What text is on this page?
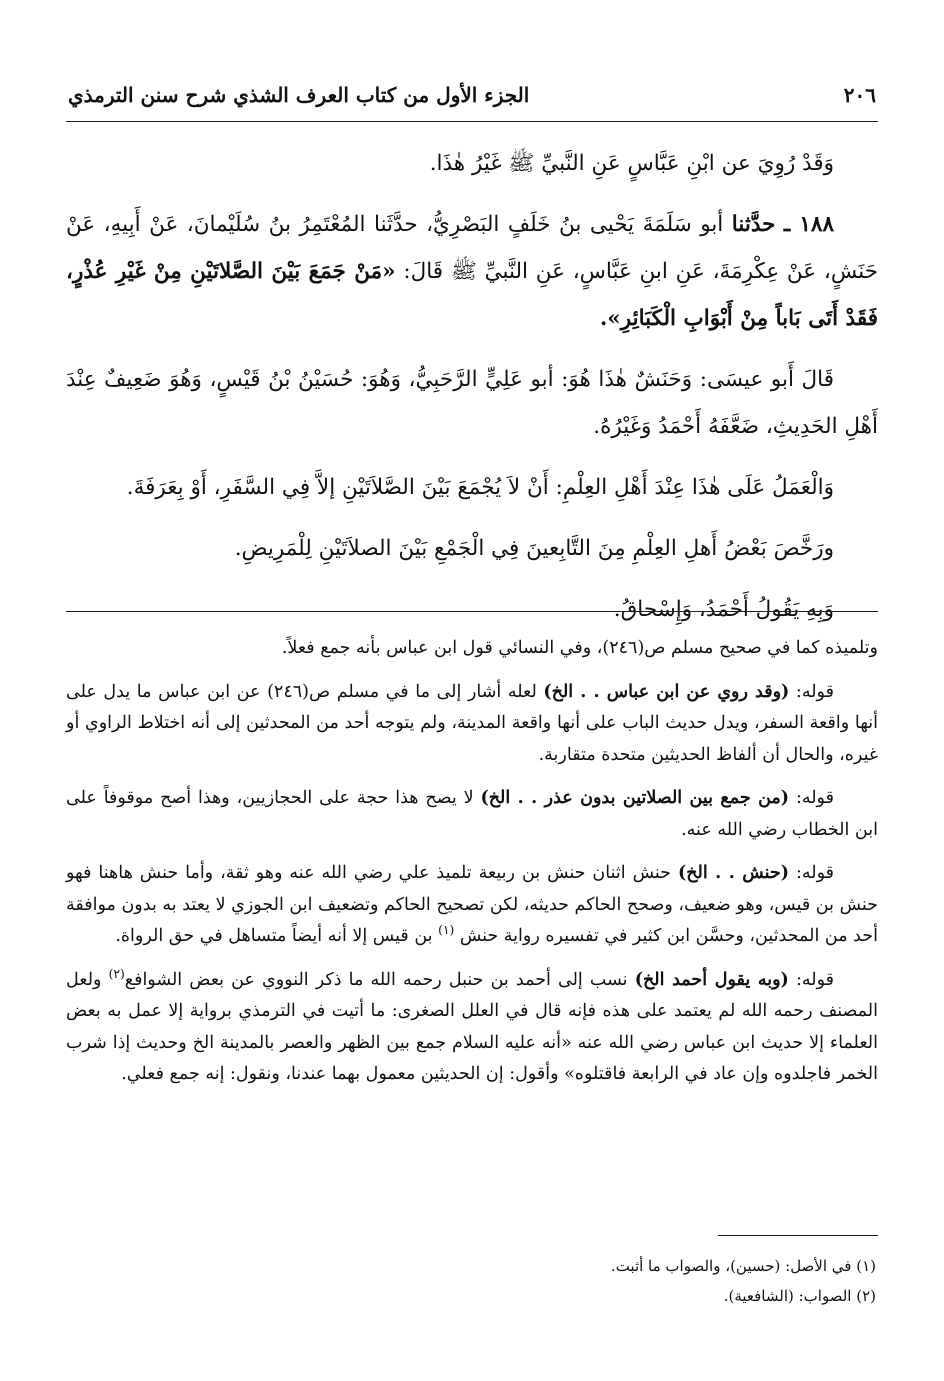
٢٠٦
الجزء الأول من كتاب العرف الشذي شرح سنن الترمذي

وَقَدْ رُوِيَ عن ابْنِ عَبَّاسٍ عَنِ النَّبيِّ ﷺ غَيْرُ هٰذَا.

١٨٨ ـ حدَّثنا أبو سَلَمَةَ يَحْيى بنُ خَلَفٍ البَصْرِيُّ، حدَّثَنا المُعْتَمِرُ بنُ سُلَيْمانَ، عَنْ أَبِيهِ، عَنْ حَنَشٍ، عَنْ عِكْرِمَةَ، عَنِ ابنِ عَبَّاسٍ، عَنِ النَّبيِّ ﷺ قَالَ: «مَنْ جَمَعَ بَيْنَ الصَّلاتَيْنِ مِنْ غَيْرِ عُذْرٍ، فَقَدْ أَتَى بَاباً مِنْ أَبْوَابِ الْكَبَائِرِ».

قَالَ أَبو عيسَى: وَحَنَشٌ هٰذَا هُوَ: أبو عَلِيٍّ الرَّحَبِيُّ، وَهُوَ: حُسَيْنُ بْنُ قَيْسٍ، وَهُوَ ضَعِيفٌ عِنْدَ أَهْلِ الحَدِيثِ، ضَعَّفَهُ أَحْمَدُ وَغَيْرُهُ.

وَالْعَمَلُ عَلَى هٰذَا عِنْدَ أَهْلِ العِلْمِ: أَنْ لاَ يُجْمَعَ بَيْنَ الصَّلاَتَيْنِ إلاَّ فِي السَّفَرِ، أَوْ بِعَرَفَةَ.

ورَخَّصَ بَعْضُ أَهلِ العِلْمِ مِنَ التَّابِعينَ فِي الْجَمْعِ بَيْنَ الصلاَتَيْنِ لِلْمَرِيضِ.

وَبِهِ يَقُولُ أَحْمَدُ، وَإِسْحاقُ.

وتلميذه كما في صحيح مسلم ص(٢٤٦)، وفي النسائي قول ابن عباس بأنه جمع فعلاً.

قوله: (وقد روي عن ابن عباس . . الخ) لعله أشار إلى ما في مسلم ص(٢٤٦) عن ابن عباس ما يدل على أنها واقعة السفر، ويدل حديث الباب على أنها واقعة المدينة، ولم يتوجه أحد من المحدثين إلى أنه اختلاط الراوي أو غيره، والحال أن ألفاظ الحديثين متحدة متقاربة.

قوله: (من جمع بين الصلاتين بدون عذر . . الخ) لا يصح هذا حجة على الحجازيين، وهذا أصح موقوفاً على ابن الخطاب رضي الله عنه.

قوله: (حنش . . الخ) حنش اثنان حنش بن ربيعة تلميذ علي رضي الله عنه وهو ثقة، وأما حنش هاهنا فهو حنش بن قيس، وهو ضعيف، وصحح الحاكم حديثه، لكن تصحيح الحاكم وتضعيف ابن الجوزي لا يعتد به بدون موافقة أحد من المحدثين، وحسَّن ابن كثير في تفسيره رواية حنش $^{(١)}$ بن قيس إلا أنه أيضاً متساهل في حق الرواة.

قوله: (وبه يقول أحمد الخ) نسب إلى أحمد بن حنبل رحمه الله ما ذكر النووي عن بعض الشوافع$^{(٢)}$ ولعل المصنف رحمه الله لم يعتمد على هذه فإنه قال في العلل الصغرى: ما أتيت في الترمذي برواية إلا عمل به بعض العلماء إلا حديث ابن عباس رضي الله عنه «أنه عليه السلام جمع بين الظهر والعصر بالمدينة الخ وحديث إذا شرب الخمر فاجلدوه وإن عاد في الرابعة فاقتلوه» وأقول: إن الحديثين معمول بهما عندنا، ونقول: إنه جمع فعلي.

(١) في الأصل: (حسين)، والصواب ما أثبت.

(٢) الصواب: (الشافعية).
